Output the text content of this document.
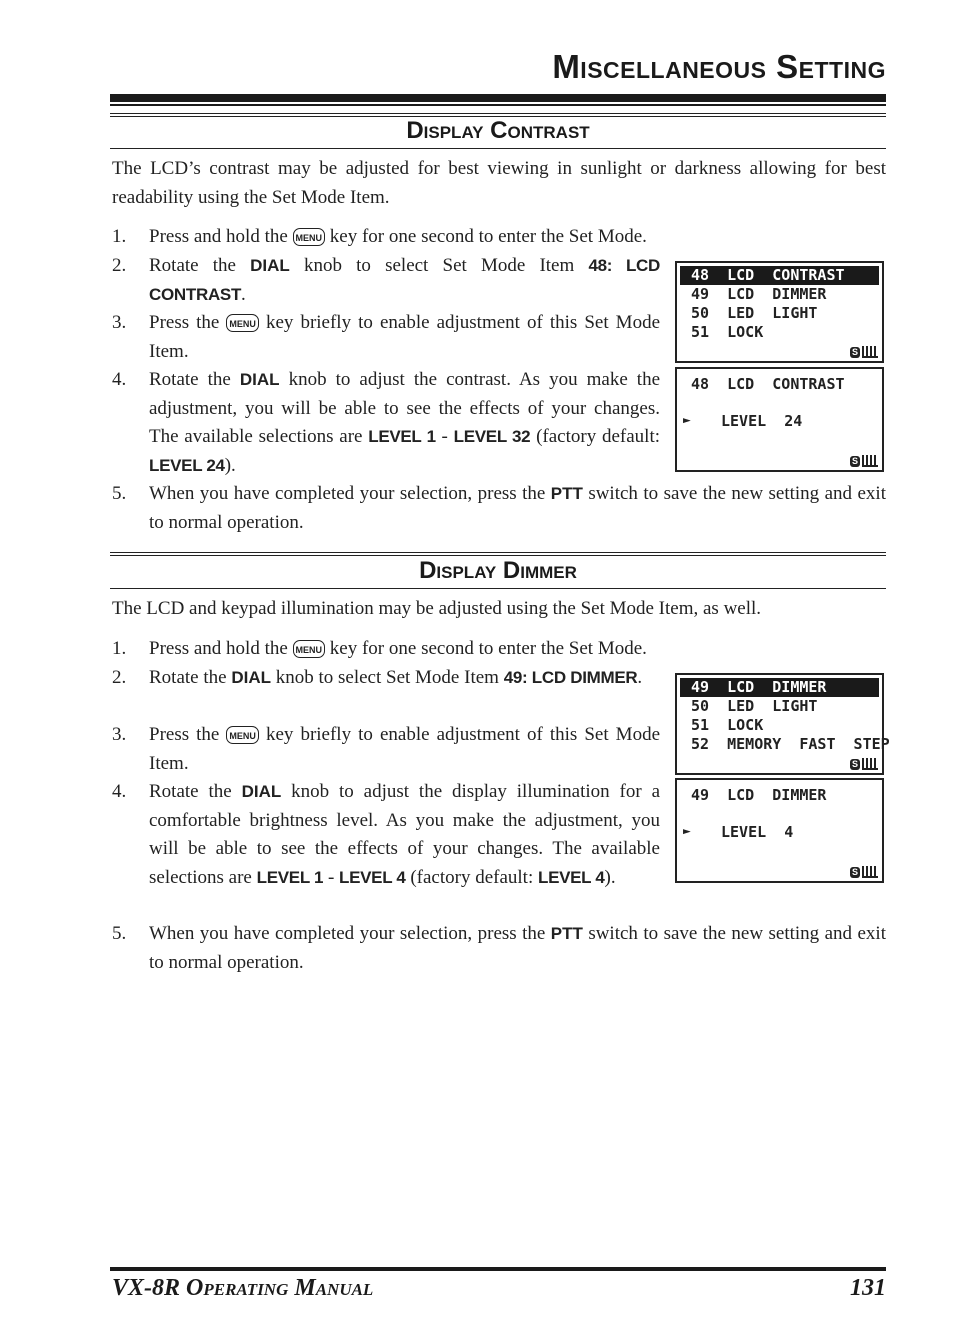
Miscellaneous Setting
Display Contrast

The LCD’s contrast may be adjusted for best viewing in sunlight or darkness allowing for best readability using the Set Mode Item.

1. Press and hold the MENU key for one second to enter the Set Mode.
2. Rotate the DIAL knob to select Set Mode Item 48: LCD CONTRAST.
3. Press the MENU key briefly to enable adjustment of this Set Mode Item.
4. Rotate the DIAL knob to adjust the contrast. As you make the adjustment, you will be able to see the effects of your changes. The available selections are LEVEL 1 - LEVEL 32 (factory default: LEVEL 24).
5. When you have completed your selection, press the PTT switch to save the new setting and exit to normal operation.
48  LCD  CONTRAST
49  LCD  DIMMER
50  LED  LIGHT
51  LOCK
S
48  LCD  CONTRAST
► LEVEL  24
S
Display Dimmer

The LCD and keypad illumination may be adjusted using the Set Mode Item, as well.

1. Press and hold the MENU key for one second to enter the Set Mode.
2. Rotate the DIAL knob to select Set Mode Item 49: LCD DIMMER.
3. Press the MENU key briefly to enable adjustment of this Set Mode Item.
4. Rotate the DIAL knob to adjust the display illumination for a comfortable brightness level. As you make the adjustment, you will be able to see the effects of your changes. The available selections are LEVEL 1 - LEVEL 4 (factory default: LEVEL 4).
5. When you have completed your selection, press the PTT switch to save the new setting and exit to normal operation.
49  LCD  DIMMER
50  LED  LIGHT
51  LOCK
52  MEMORY  FAST  STEP
S
49  LCD  DIMMER
► LEVEL  4
S
VX-8R Operating Manual	131
